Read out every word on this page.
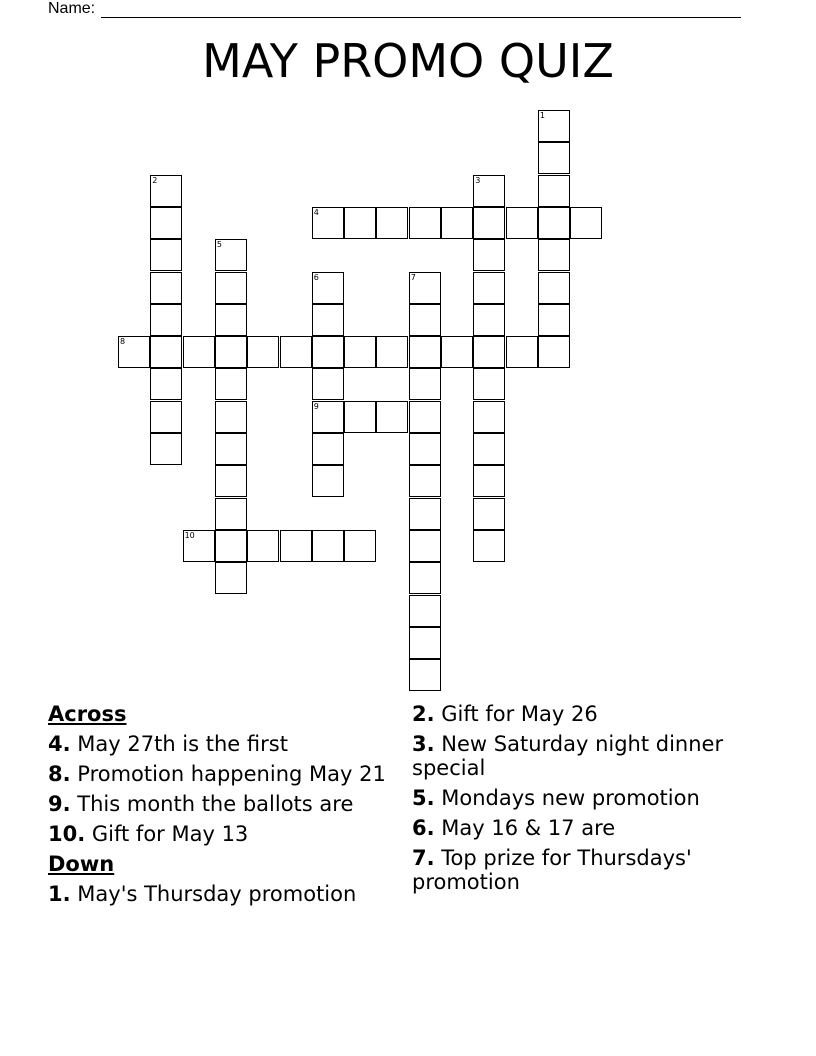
Name:
MAY PROMO QUIZ
1
2	3
4
5
6
9
7
8
10
Across
4. May 27th is the first
8. Promotion happening May 21
9. This month the ballots are
10. Gift for May 13
Down
1. May's Thursday promotion
2. Gift for May 26
3. New Saturday night dinner special
5. Mondays new promotion
6. May 16 & 17 are
7. Top prize for Thursdays' promotion
